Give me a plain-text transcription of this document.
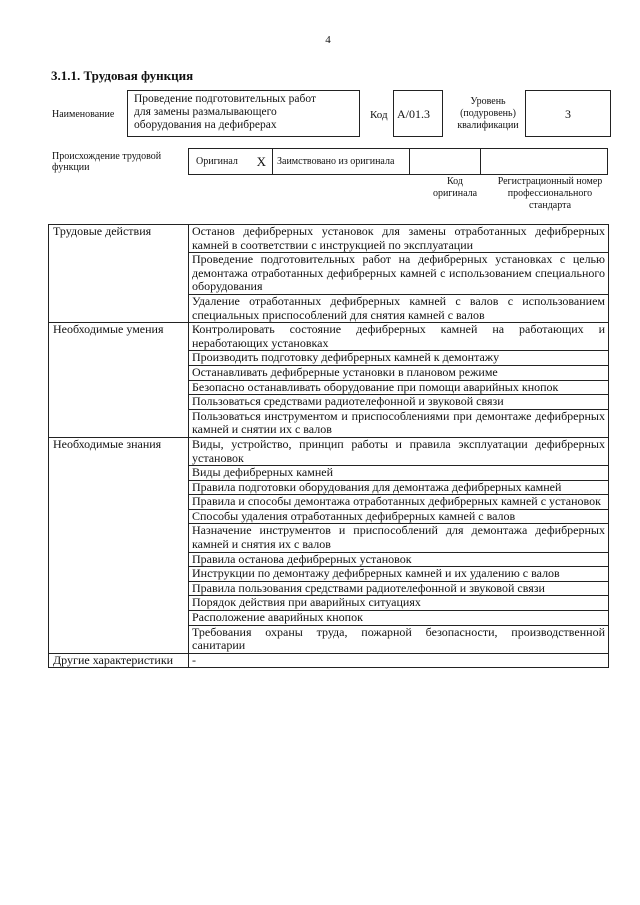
4
3.1.1. Трудовая функция
Наименование
Проведение подготовительных работ
для замены размалывающего
оборудования на дефибрерах
Код А/01.3
Уровень
(подуровень)
квалификации
3
Происхождение трудовой
функции
Оригинал X	Заимствовано из оригинала
Код
оригинала
Регистрационный номер
профессионального
стандарта
Трудовые действия	Останов дефибрерных установок для замены отработанных дефибрерных камней в соответствии с инструкцией по эксплуатации
	Проведение подготовительных работ на дефибрерных установках с целью демонтажа отработанных дефибрерных камней с использованием специального оборудования
	Удаление отработанных дефибрерных камней с валов с использованием специальных приспособлений для снятия камней с валов
Необходимые умения	Контролировать состояние дефибрерных камней на работающих и неработающих установках
	Производить подготовку дефибрерных камней к демонтажу
	Останавливать дефибрерные установки в плановом режиме
	Безопасно останавливать оборудование при помощи аварийных кнопок
	Пользоваться средствами радиотелефонной и звуковой связи
	Пользоваться инструментом и приспособлениями при демонтаже дефибрерных камней и снятии их с валов
Необходимые знания	Виды, устройство, принцип работы и правила эксплуатации дефибрерных установок
	Виды дефибрерных камней
	Правила подготовки оборудования для демонтажа дефибрерных камней
	Правила и способы демонтажа отработанных дефибрерных камней с установок
	Способы удаления отработанных дефибрерных камней с валов
	Назначение инструментов и приспособлений для демонтажа дефибрерных камней и снятия их с валов
	Правила останова дефибрерных установок
	Инструкции по демонтажу дефибрерных камней и их удалению с валов
	Правила пользования средствами радиотелефонной и звуковой связи
	Порядок действия при аварийных ситуациях
	Расположение аварийных кнопок
	Требования охраны труда, пожарной безопасности, производственной санитарии
Другие характеристики	-
